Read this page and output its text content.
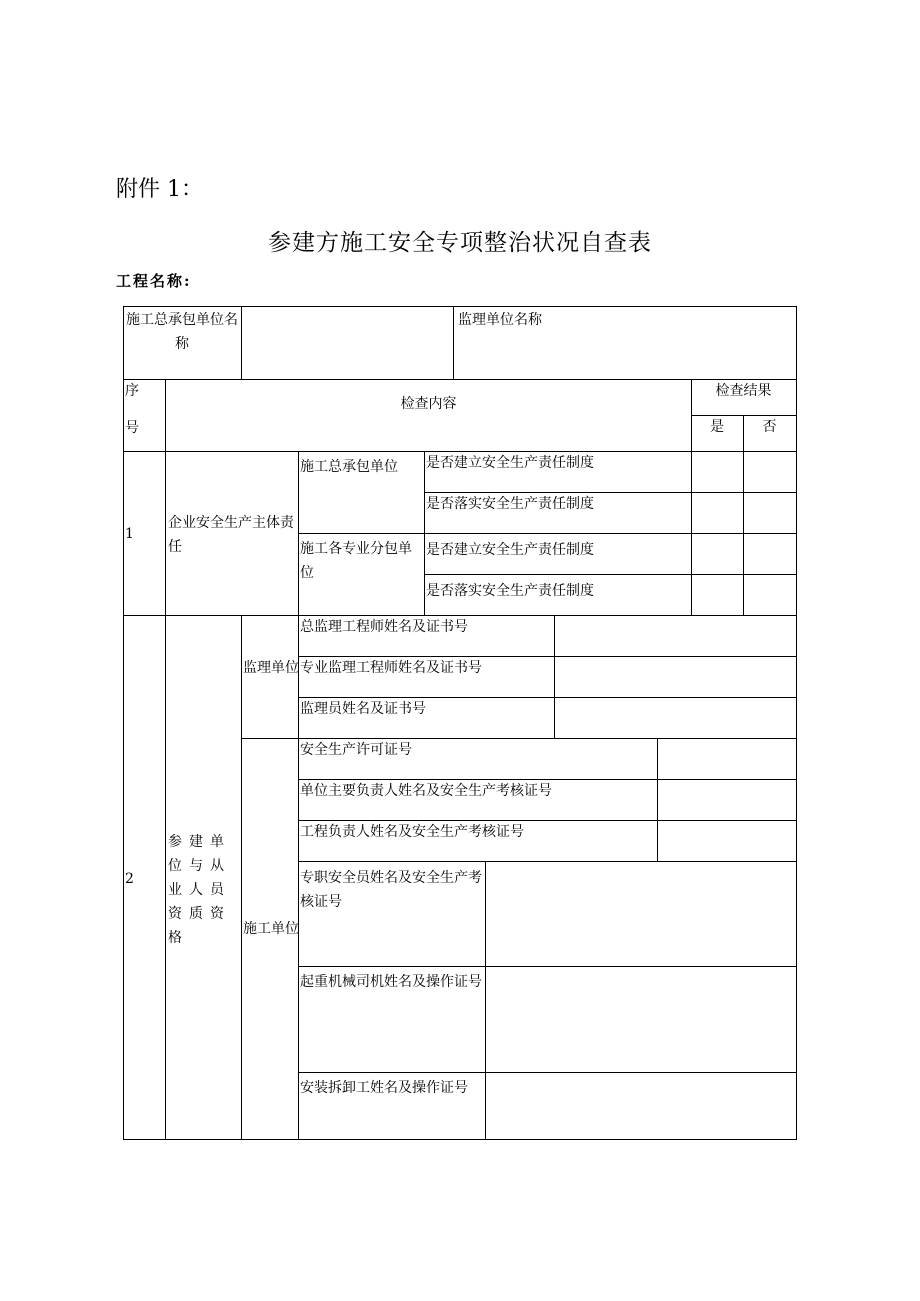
附件 1：
参建方施工安全专项整治状况自查表
工程名称:
施工总承包单位名称
监理单位名称
序
号
检查内容
检查结果
是	否
1
企业安全生产主体责任
施工总承包单位	是否建立安全生产责任制度
是否落实安全生产责任制度
施工各专业分包单位
是否建立安全生产责任制度
是否落实安全生产责任制度
2
参建单位与从业人员资质资格
监理单位
总监理工程师姓名及证书号
专业监理工程师姓名及证书号
监理员姓名及证书号
施工单位
安全生产许可证号
单位主要负责人姓名及安全生产考核证号
工程负责人姓名及安全生产考核证号
专职安全员姓名及安全生产考核证号
起重机械司机姓名及操作证号
安装拆卸工姓名及操作证号
